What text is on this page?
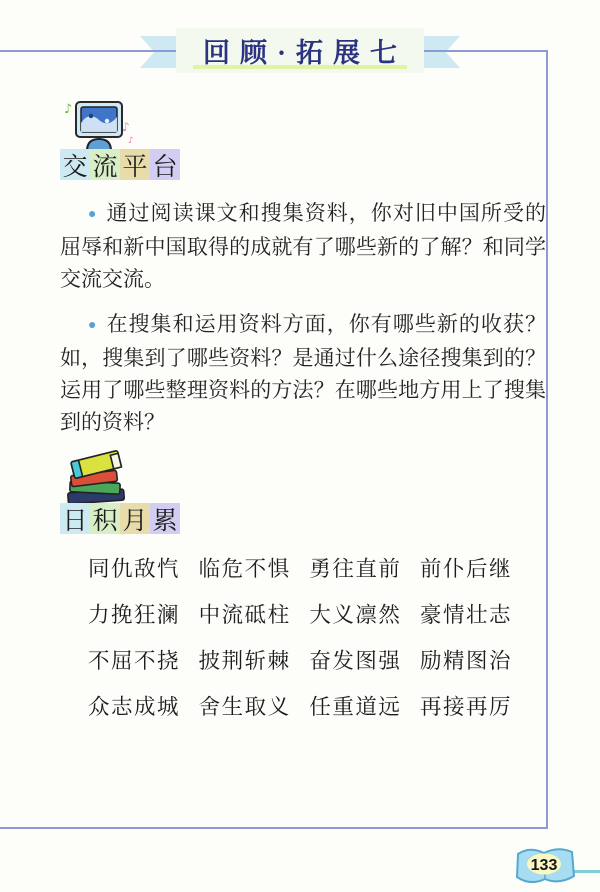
回顾·拓展七
♪
♪
♪
交 流 平 台

● 通过阅读课文和搜集资料，你对旧中国所受的屈辱和新中国取得的成就有了哪些新的了解？和同学交流交流。

● 在搜集和运用资料方面，你有哪些新的收获？如，搜集到了哪些资料？是通过什么途径搜集到的？运用了哪些整理资料的方法？在哪些地方用上了搜集到的资料？

日 积 月 累
同仇敌忾 临危不惧 勇往直前 前仆后继
力挽狂澜 中流砥柱 大义凛然 豪情壮志
不屈不挠 披荆斩棘 奋发图强 励精图治
众志成城 舍生取义 任重道远 再接再厉
133
